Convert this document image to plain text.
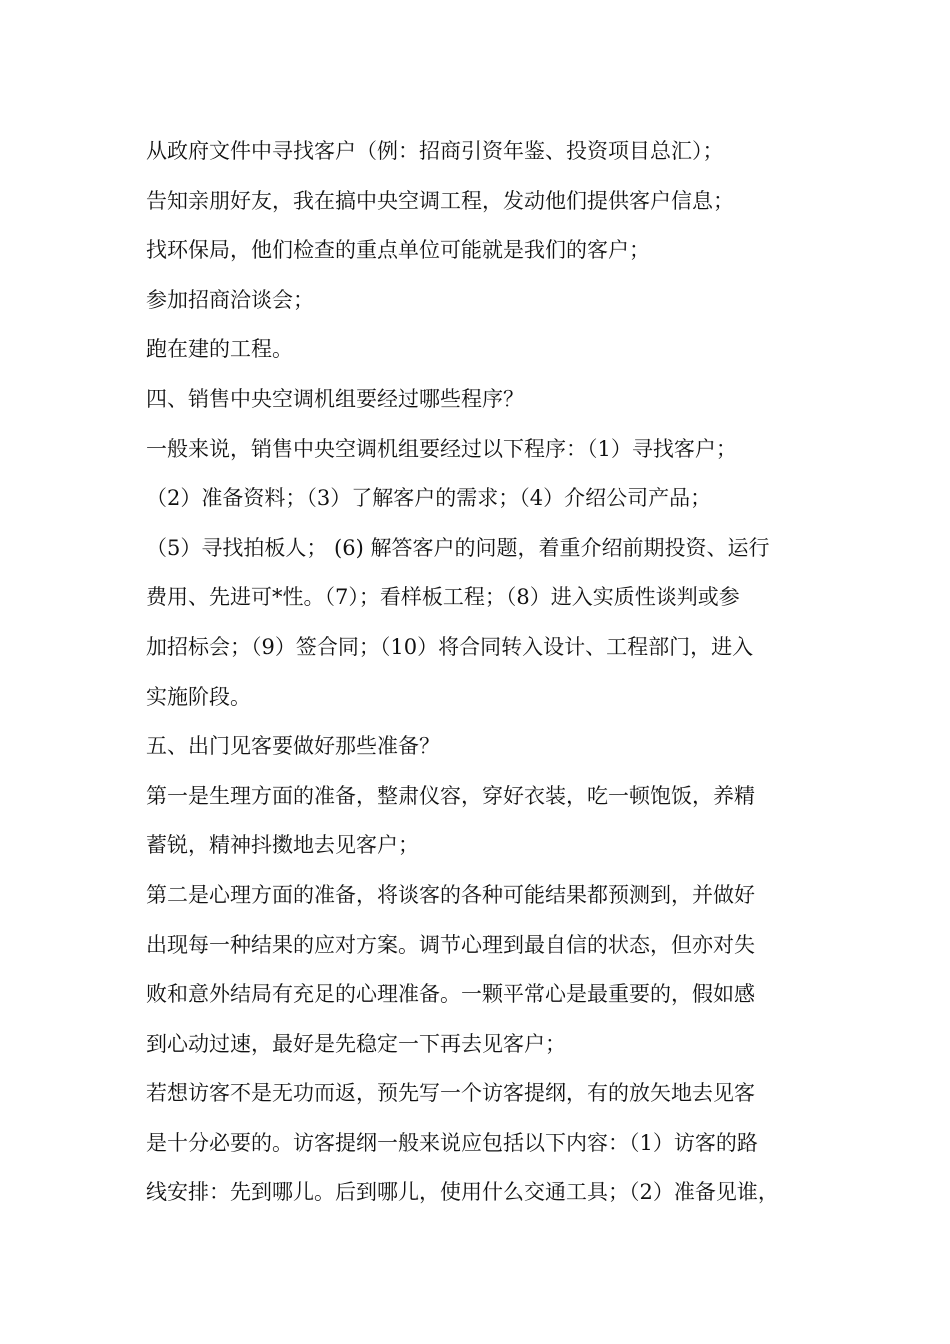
从政府文件中寻找客户（例：招商引资年鉴、投资项目总汇）；
告知亲朋好友，我在搞中央空调工程，发动他们提供客户信息；
找环保局，他们检查的重点单位可能就是我们的客户；
参加招商洽谈会；
跑在建的工程。
四、销售中央空调机组要经过哪些程序？
一般来说，销售中央空调机组要经过以下程序：（1）寻找客户；
（2）准备资料；（3）了解客户的需求；（4）介绍公司产品；
（5）寻找拍板人； (6) 解答客户的问题，着重介绍前期投资、运行
费用、先进可*性。（7）；看样板工程；（8）进入实质性谈判或参
加招标会；（9）签合同；（10）将合同转入设计、工程部门，进入
实施阶段。
五、出门见客要做好那些准备？
第一是生理方面的准备，整肃仪容，穿好衣装，吃一顿饱饭，养精
蓄锐，精神抖擞地去见客户；
第二是心理方面的准备，将谈客的各种可能结果都预测到，并做好
出现每一种结果的应对方案。调节心理到最自信的状态，但亦对失
败和意外结局有充足的心理准备。一颗平常心是最重要的，假如感
到心动过速，最好是先稳定一下再去见客户；
若想访客不是无功而返，预先写一个访客提纲，有的放矢地去见客
是十分必要的。访客提纲一般来说应包括以下内容：（1）访客的路
线安排：先到哪儿。后到哪儿，使用什么交通工具；（2）准备见谁，
